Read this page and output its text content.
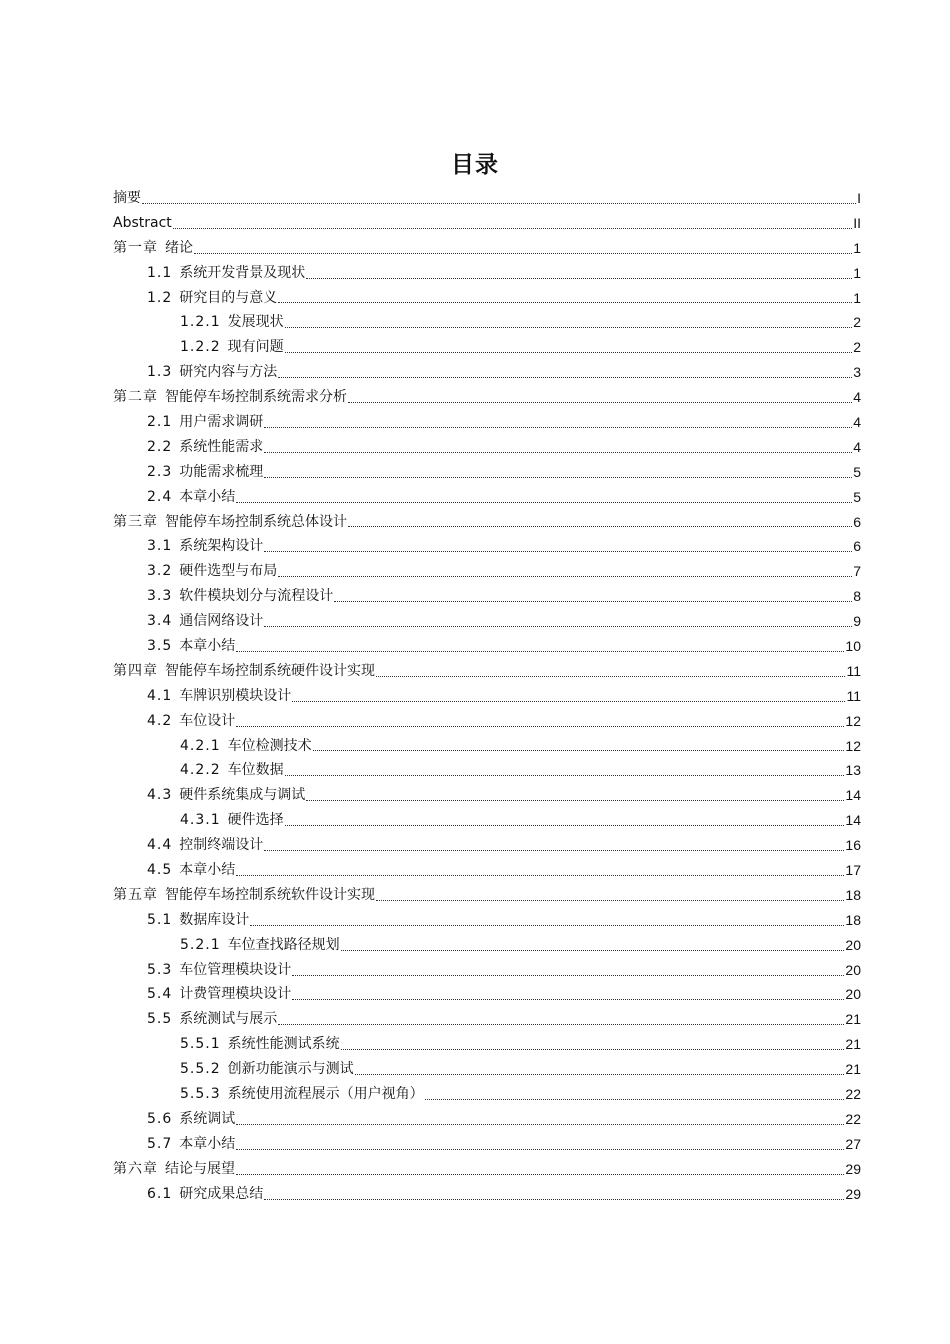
目录
摘要	I
Abstract	II
第一章 绪论	1
1.1 系统开发背景及现状	1
1.2 研究目的与意义	1
1.2.1 发展现状	2
1.2.2 现有问题	2
1.3 研究内容与方法	3
第二章 智能停车场控制系统需求分析	4
2.1 用户需求调研	4
2.2 系统性能需求	4
2.3 功能需求梳理	5
2.4 本章小结	5
第三章 智能停车场控制系统总体设计	6
3.1 系统架构设计	6
3.2 硬件选型与布局	7
3.3 软件模块划分与流程设计	8
3.4 通信网络设计	9
3.5 本章小结	10
第四章 智能停车场控制系统硬件设计实现	11
4.1 车牌识别模块设计	11
4.2 车位设计	12
4.2.1 车位检测技术	12
4.2.2 车位数据	13
4.3 硬件系统集成与调试	14
4.3.1 硬件选择	14
4.4 控制终端设计	16
4.5 本章小结	17
第五章 智能停车场控制系统软件设计实现	18
5.1 数据库设计	18
5.2.1 车位查找路径规划	20
5.3 车位管理模块设计	20
5.4 计费管理模块设计	20
5.5 系统测试与展示	21
5.5.1 系统性能测试系统	21
5.5.2 创新功能演示与测试	21
5.5.3 系统使用流程展示（用户视角）	22
5.6 系统调试	22
5.7 本章小结	27
第六章 结论与展望	29
6.1 研究成果总结	29
